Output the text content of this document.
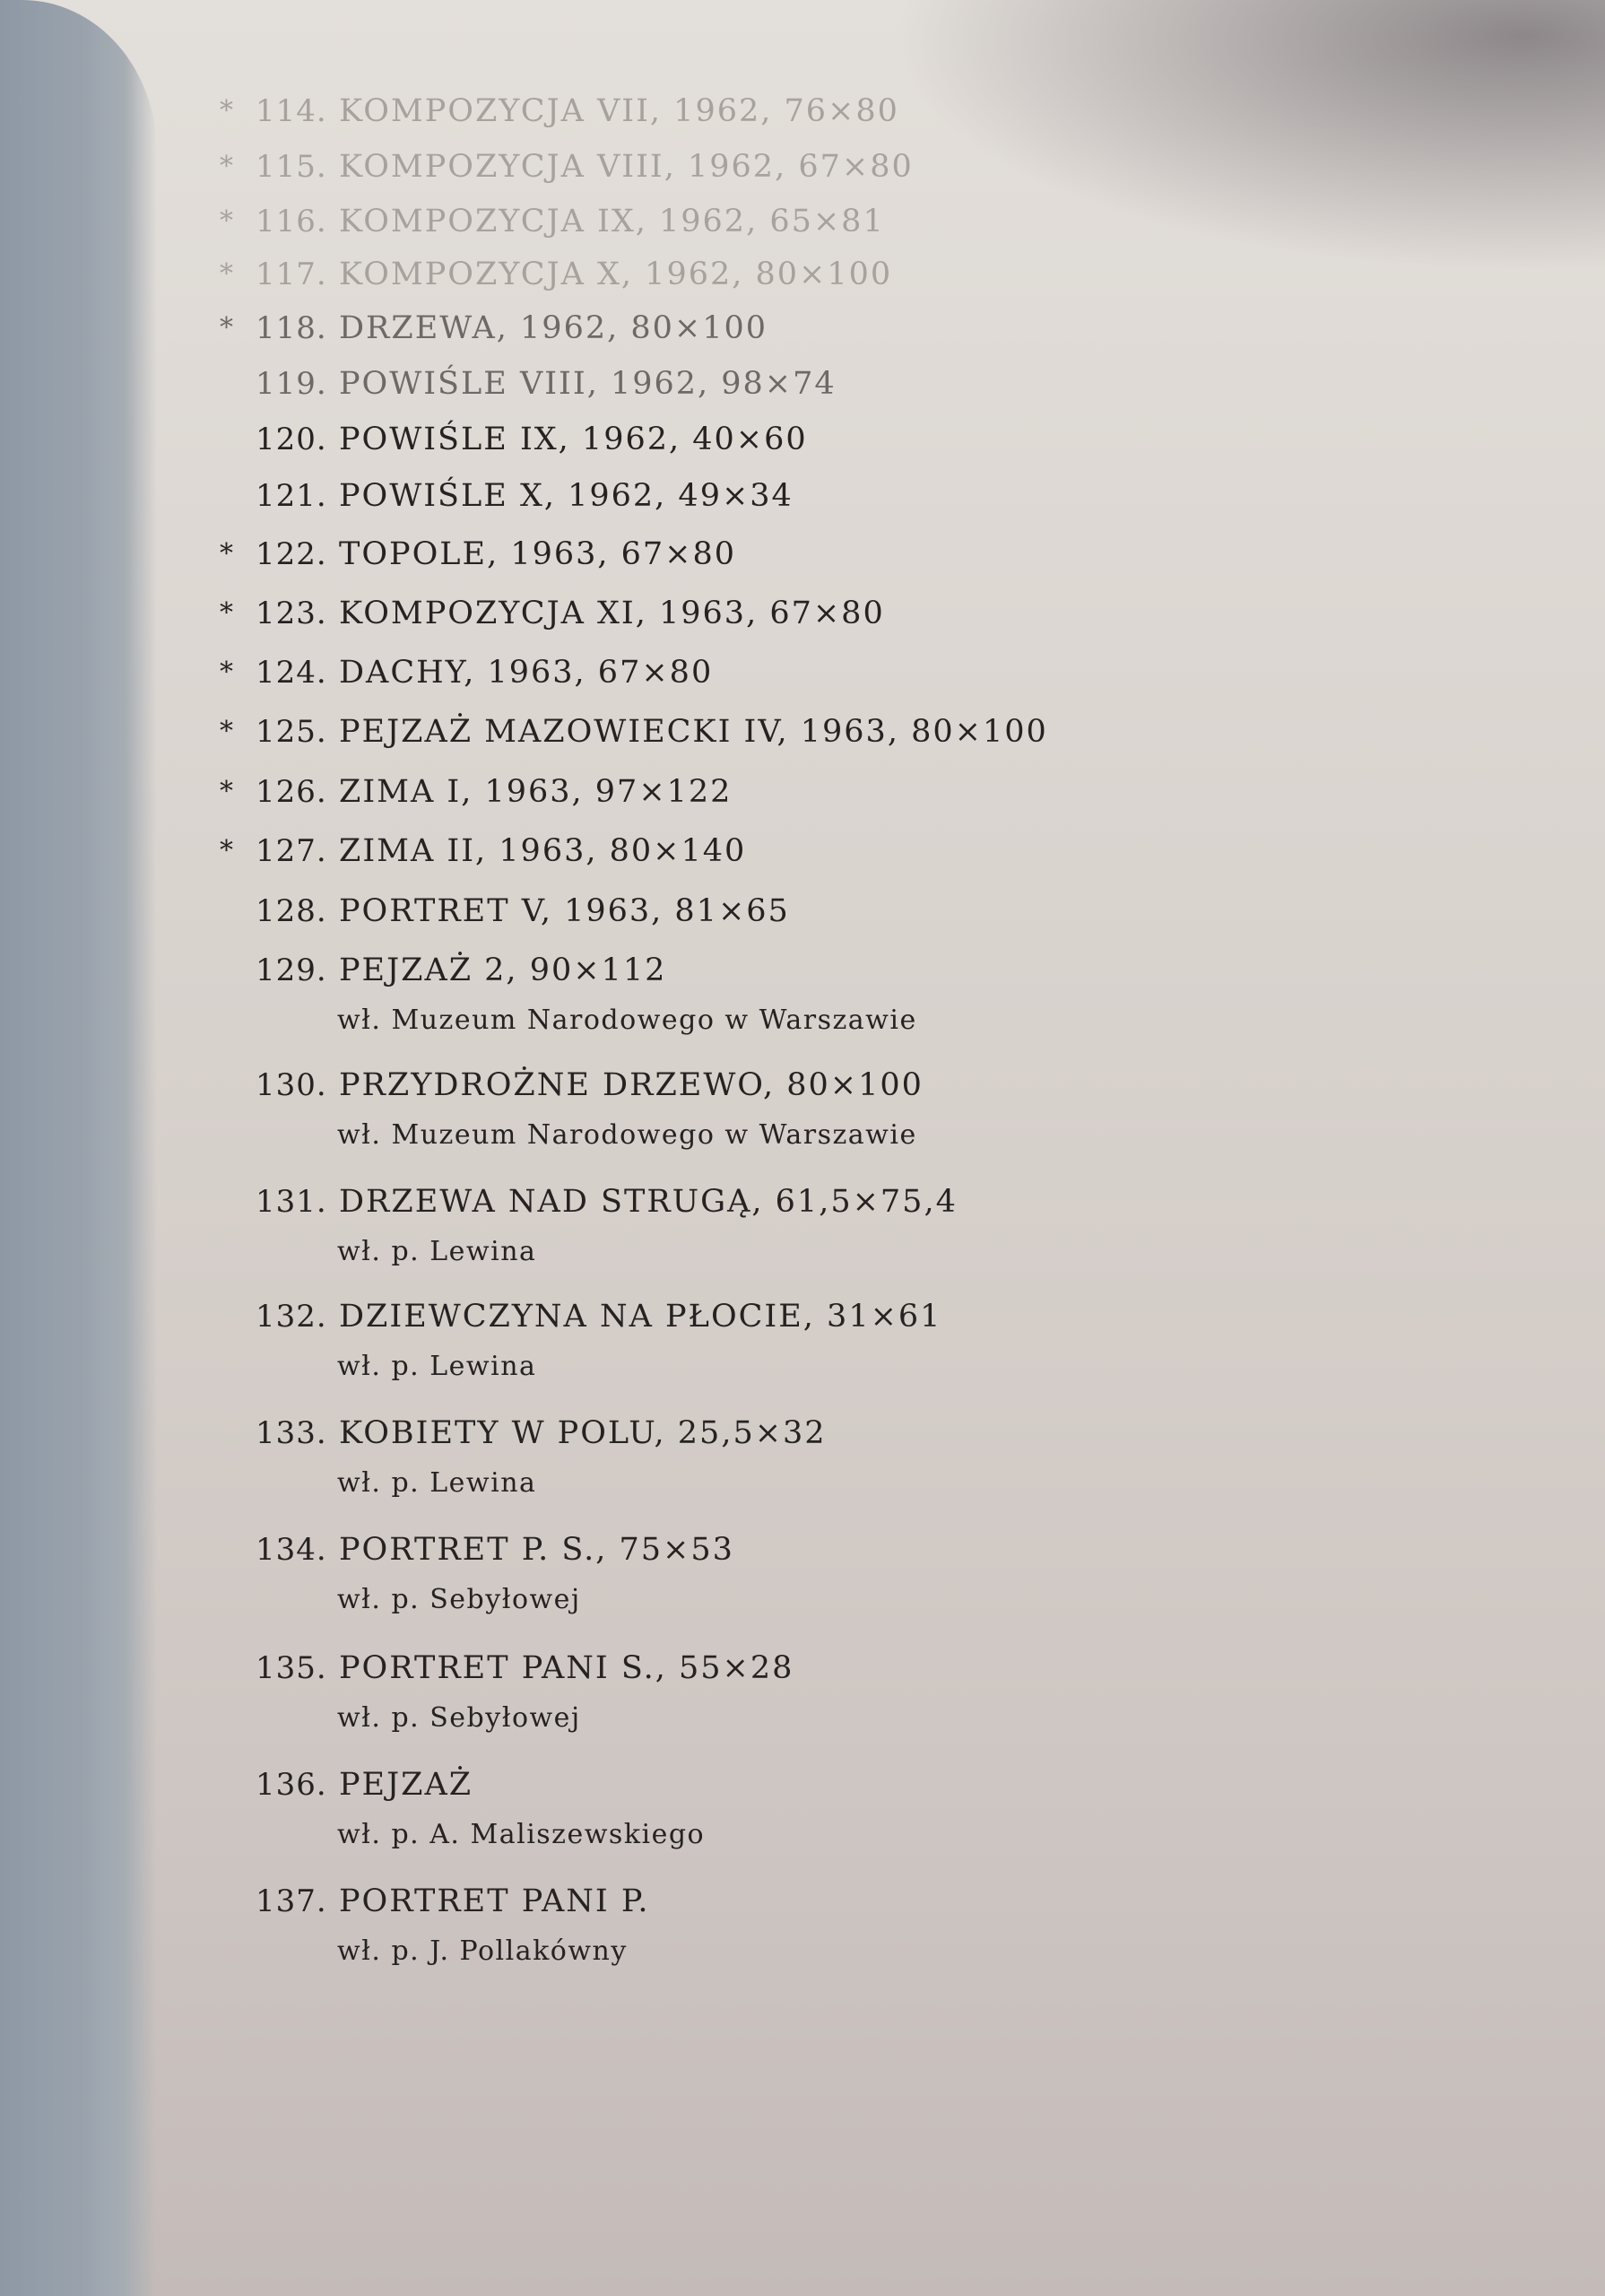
* 114. KOMPOZYCJA VII, 1962, 76×80
* 115. KOMPOZYCJA VIII, 1962, 67×80
* 116. KOMPOZYCJA IX, 1962, 65×81
* 117. KOMPOZYCJA X, 1962, 80×100
* 118. DRZEWA, 1962, 80×100
119. POWIŚLE VIII, 1962, 98×74
120. POWIŚLE IX, 1962, 40×60
121. POWIŚLE X, 1962, 49×34
* 122. TOPOLE, 1963, 67×80
* 123. KOMPOZYCJA XI, 1963, 67×80
* 124. DACHY, 1963, 67×80
* 125. PEJZAŻ MAZOWIECKI IV, 1963, 80×100
* 126. ZIMA I, 1963, 97×122
* 127. ZIMA II, 1963, 80×140
128. PORTRET V, 1963, 81×65
129. PEJZAŻ 2, 90×112
wł. Muzeum Narodowego w Warszawie
130. PRZYDROŻNE DRZEWO, 80×100
wł. Muzeum Narodowego w Warszawie
131. DRZEWA NAD STRUGĄ, 61,5×75,4
wł. p. Lewina
132. DZIEWCZYNA NA PŁOCIE, 31×61
wł. p. Lewina
133. KOBIETY W POLU, 25,5×32
wł. p. Lewina
134. PORTRET P. S., 75×53
wł. p. Sebyłowej
135. PORTRET PANI S., 55×28
wł. p. Sebyłowej
136. PEJZAŻ
wł. p. A. Maliszewskiego
137. PORTRET PANI P.
wł. p. J. Pollakówny
